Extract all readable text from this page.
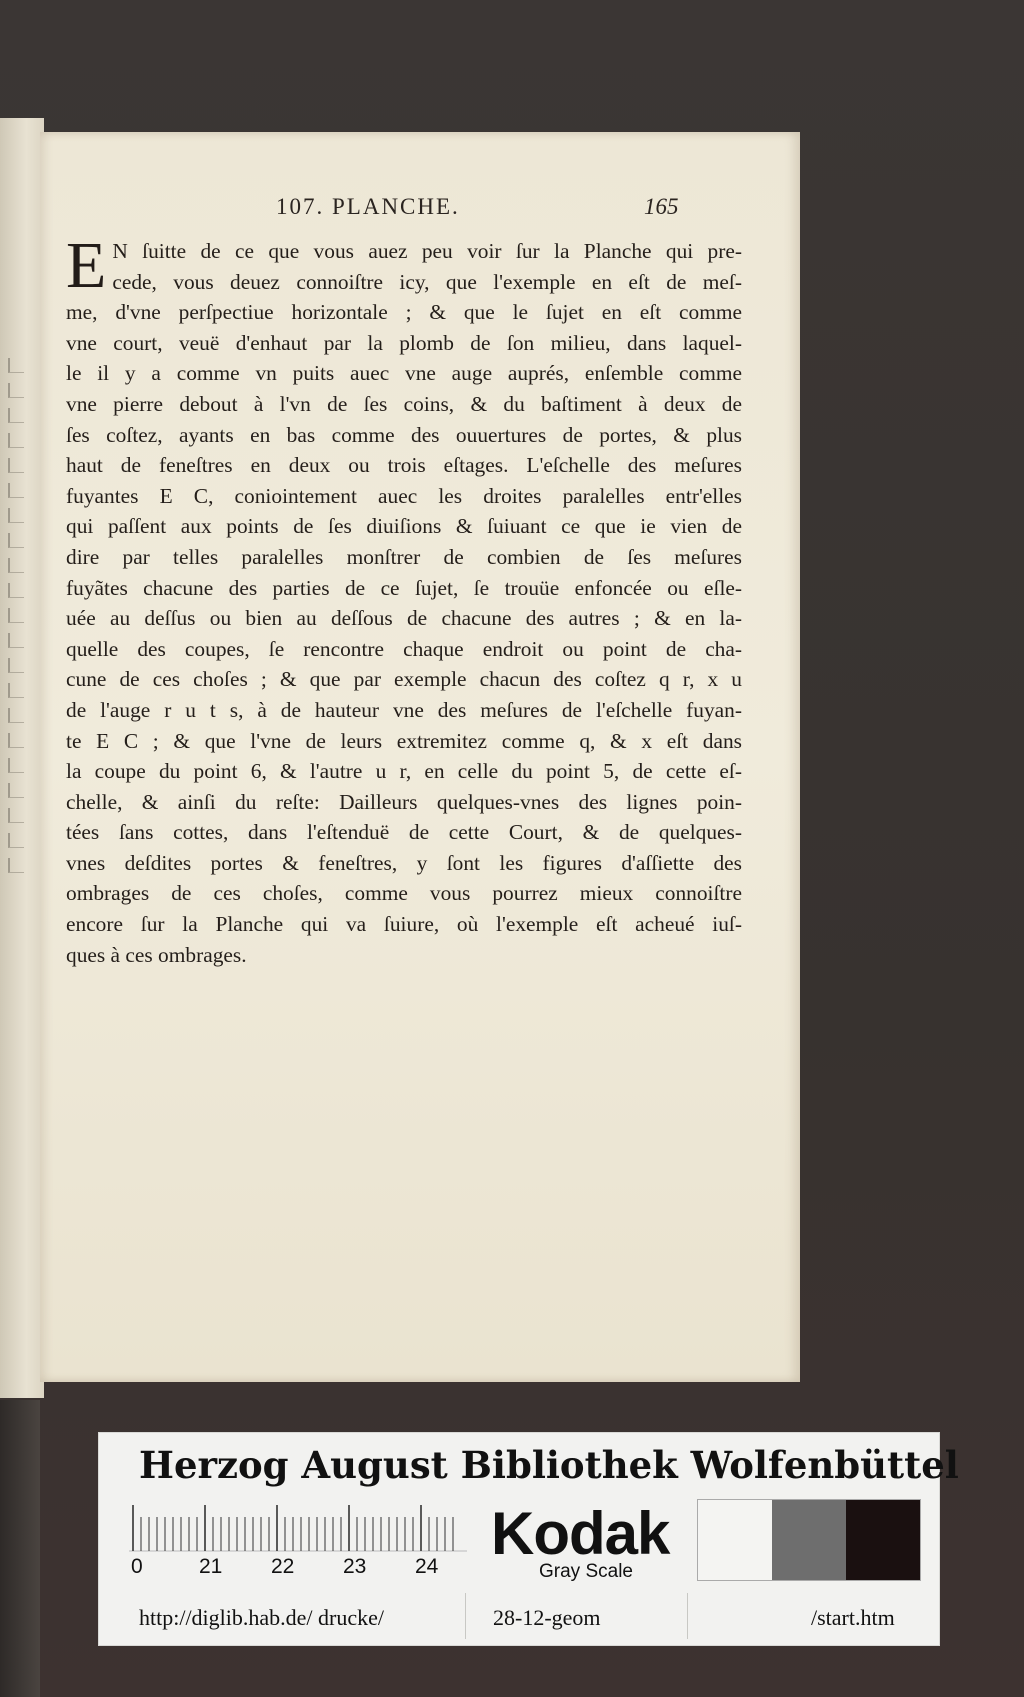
107. PLANCHE.	165
E N ſuitte de ce que vous auez peu voir ſur la Planche qui pre-
cede, vous deuez connoiſtre icy, que l'exemple en eſt de meſ-
me, d'vne perſpectiue horizontale ; & que le ſujet en eſt comme
vne court, veuë d'enhaut par la plomb de ſon milieu, dans laquel-
le il y a comme vn puits auec vne auge auprés, enſemble comme
vne pierre debout à l'vn de ſes coins, & du baſtiment à deux de
ſes coſtez, ayants en bas comme des ouuertures de portes, & plus
haut de feneſtres en deux ou trois eſtages. L'eſchelle des meſures
fuyantes E C, conioіntement auec les droites paralelles entr'elles
qui paſſent aux points de ſes diuiſions & ſuiuant ce que ie vien de
dire par telles paralelles monſtrer de combien de ſes meſures
fuyãtes chacune des parties de ce ſujet, ſe trouüe enfoncée ou eſle-
uée au deſſus ou bien au deſſous de chacune des autres ; & en la-
quelle des coupes, ſe rencontre chaque endroit ou point de cha-
cune de ces choſes ; & que par exemple chacun des coſtez q r, x u
de l'auge r u t s, à de hauteur vne des meſures de l'eſchelle fuyan-
te E C ; & que l'vne de leurs extremitez comme q, & x eſt dans
la coupe du point 6, & l'autre u r, en celle du point 5, de cette eſ-
chelle, & ainſi du reſte: Dailleurs quelques-vnes des lignes poin-
tées ſans cottes, dans l'eſtenduë de cette Court, & de quelques-
vnes deſdites portes & feneſtres, y ſont les figures d'aſſiette des
ombrages de ces choſes, comme vous pourrez mieux connoiſtre
encore ſur la Planche qui va ſuiure, où l'exemple eſt acheué iuſ-
ques à ces ombrages.
Herzog August Bibliothek Wolfenbüttel
0	21 22 23 24 Kodak
Gray Scale
http://diglib.hab.de/ drucke/	28-12-geom	/start.htm
